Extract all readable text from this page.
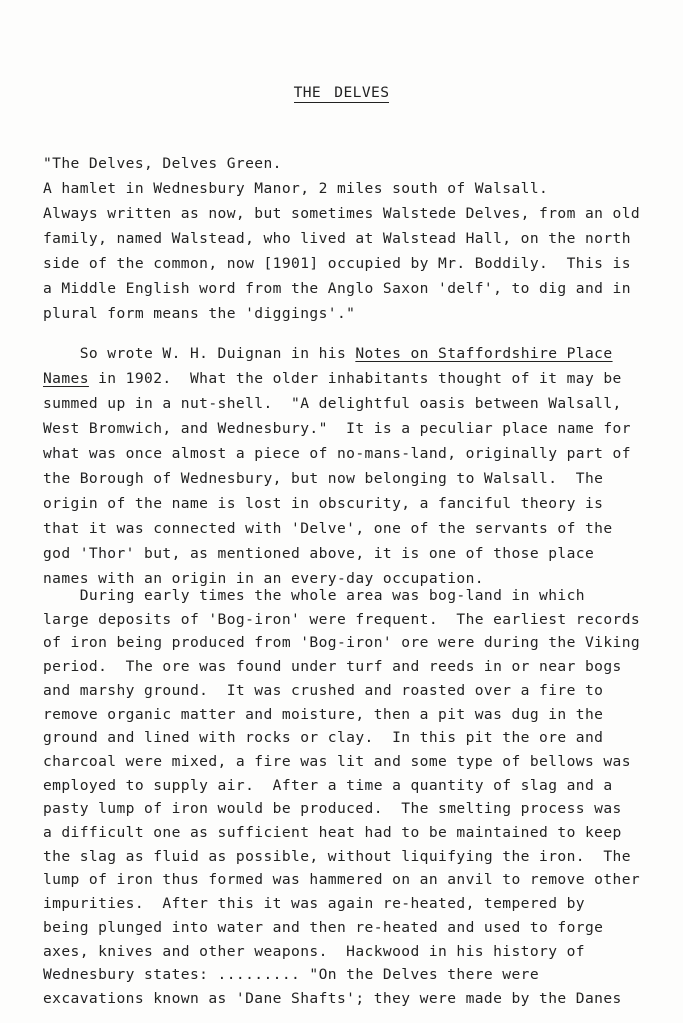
THE DELVES
"The Delves, Delves Green.
A hamlet in Wednesbury Manor, 2 miles south of Walsall.
Always written as now, but sometimes Walstede Delves, from an old
family, named Walstead, who lived at Walstead Hall, on the north
side of the common, now [1901] occupied by Mr. Boddily.  This is
a Middle English word from the Anglo Saxon 'delf', to dig and in
plural form means the 'diggings'."
So wrote W. H. Duignan in his Notes on Staffordshire Place
Names in 1902.  What the older inhabitants thought of it may be
summed up in a nut-shell.  "A delightful oasis between Walsall,
West Bromwich, and Wednesbury."  It is a peculiar place name for
what was once almost a piece of no-mans-land, originally part of
the Borough of Wednesbury, but now belonging to Walsall.  The
origin of the name is lost in obscurity, a fanciful theory is
that it was connected with 'Delve', one of the servants of the
god 'Thor' but, as mentioned above, it is one of those place
names with an origin in an every-day occupation.
During early times the whole area was bog-land in which
large deposits of 'Bog-iron' were frequent.  The earliest records
of iron being produced from 'Bog-iron' ore were during the Viking
period.  The ore was found under turf and reeds in or near bogs
and marshy ground.  It was crushed and roasted over a fire to
remove organic matter and moisture, then a pit was dug in the
ground and lined with rocks or clay.  In this pit the ore and
charcoal were mixed, a fire was lit and some type of bellows was
employed to supply air.  After a time a quantity of slag and a
pasty lump of iron would be produced.  The smelting process was
a difficult one as sufficient heat had to be maintained to keep
the slag as fluid as possible, without liquifying the iron.  The
lump of iron thus formed was hammered on an anvil to remove other
impurities.  After this it was again re-heated, tempered by
being plunged into water and then re-heated and used to forge
axes, knives and other weapons.  Hackwood in his history of
Wednesbury states: ......... "On the Delves there were
excavations known as 'Dane Shafts'; they were made by the Danes
